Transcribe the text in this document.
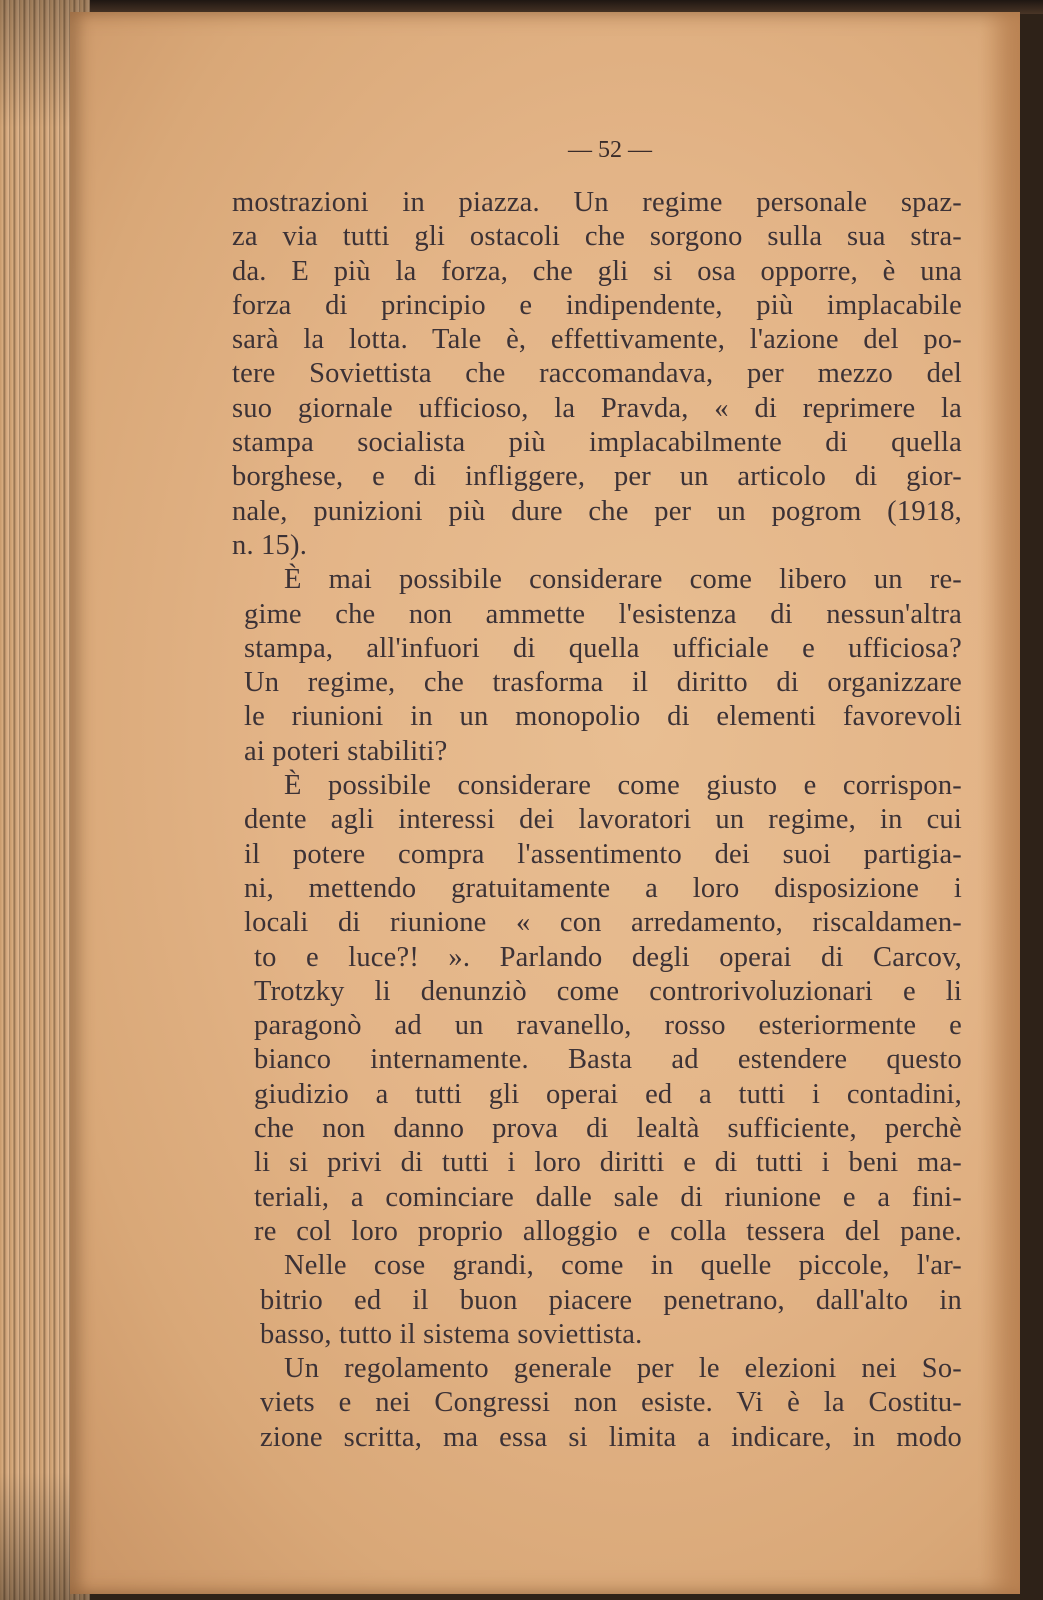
— 52 —
mostrazioni in piazza. Un regime personale spaz-
za via tutti gli ostacoli che sorgono sulla sua stra-
da. E più la forza, che gli si osa opporre, è una
forza di principio e indipendente, più implacabile
sarà la lotta. Tale è, effettivamente, l'azione del po-
tere Soviettista che raccomandava, per mezzo del
suo giornale ufficioso, la Pravda, « di reprimere la
stampa socialista più implacabilmente di quella
borghese, e di infliggere, per un articolo di gior-
nale, punizioni più dure che per un pogrom (1918,
n. 15).
È mai possibile considerare come libero un re-
gime che non ammette l'esistenza di nessun'altra
stampa, all'infuori di quella ufficiale e ufficiosa?
Un regime, che trasforma il diritto di organizzare
le riunioni in un monopolio di elementi favorevoli
ai poteri stabiliti?
È possibile considerare come giusto e corrispon-
dente agli interessi dei lavoratori un regime, in cui
il potere compra l'assentimento dei suoi partigia-
ni, mettendo gratuitamente a loro disposizione i
locali di riunione « con arredamento, riscaldamen-
to e luce?! ». Parlando degli operai di Carcov,
Trotzky li denunziò come controrivoluzionari e li
paragonò ad un ravanello, rosso esteriormente e
bianco internamente. Basta ad estendere questo
giudizio a tutti gli operai ed a tutti i contadini,
che non danno prova di lealtà sufficiente, perchè
li si privi di tutti i loro diritti e di tutti i beni ma-
teriali, a cominciare dalle sale di riunione e a fini-
re col loro proprio alloggio e colla tessera del pane.
Nelle cose grandi, come in quelle piccole, l'ar-
bitrio ed il buon piacere penetrano, dall'alto in
basso, tutto il sistema soviettista.
Un regolamento generale per le elezioni nei So-
viets e nei Congressi non esiste. Vi è la Costitu-
zione scritta, ma essa si limita a indicare, in modo
